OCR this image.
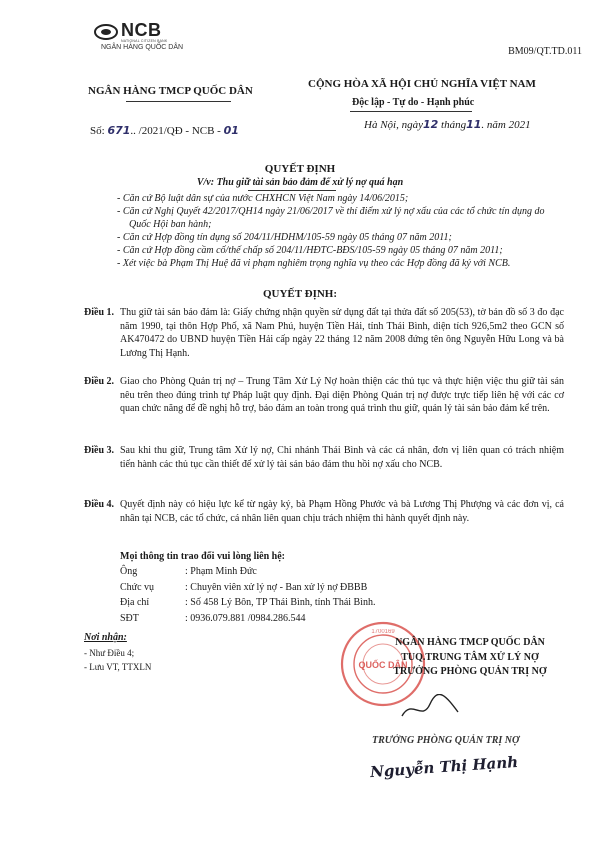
NCB
NATIONAL CITIZEN BANK
NGÂN HÀNG QUỐC DÂN	BM09/QT.TD.011
NGÂN HÀNG TMCP QUỐC DÂN
CỘNG HÒA XÃ HỘI CHỦ NGHĨA VIỆT NAM
Độc lập - Tự do - Hạnh phúc
Số: 671.. /2021/QĐ - NCB - 01	Hà Nội, ngày12 tháng11. năm 2021
QUYẾT ĐỊNH
V/v: Thu giữ tài sản bảo đảm để xử lý nợ quá hạn
- Căn cứ Bộ luật dân sự của nước CHXHCN Việt Nam ngày 14/06/2015;
- Căn cứ Nghị Quyết 42/2017/QH14 ngày 21/06/2017 về thí điểm xử lý nợ xấu của các tổ chức tín dụng do Quốc Hội ban hành;
- Căn cứ Hợp đồng tín dụng số 204/11/HDHM/105-59 ngày 05 tháng 07 năm 2011;
- Căn cứ Hợp đồng cầm cố/thế chấp số 204/11/HĐTC-BĐS/105-59 ngày 05 tháng 07 năm 2011;
- Xét việc bà Phạm Thị Huệ đã vi phạm nghiêm trọng nghĩa vụ theo các Hợp đồng đã ký với NCB.
QUYẾT ĐỊNH:
Điều 1. Thu giữ tài sản bảo đảm là: Giấy chứng nhận quyền sử dụng đất tại thửa đất số 205(53), tờ bản đồ số 3 đo đạc năm 1990, tại thôn Hợp Phố, xã Nam Phú, huyện Tiền Hải, tỉnh Thái Bình, diện tích 926,5m2 theo GCN số AK470472 do UBND huyện Tiền Hải cấp ngày 22 tháng 12 năm 2008 đứng tên ông Nguyễn Hữu Long và bà Lương Thị Hạnh.
Điều 2. Giao cho Phòng Quản trị nợ – Trung Tâm Xử Lý Nợ hoàn thiện các thủ tục và thực hiện việc thu giữ tài sản nêu trên theo đúng trình tự Pháp luật quy định. Đại diện Phòng Quản trị nợ được trực tiếp liên hệ với các cơ quan chức năng để đề nghị hỗ trợ, bảo đảm an toàn trong quá trình thu giữ, quản lý tài sản bảo đảm kể trên.
Điều 3. Sau khi thu giữ, Trung tâm Xử lý nợ, Chi nhánh Thái Bình và các cá nhân, đơn vị liên quan có trách nhiệm tiến hành các thủ tục cần thiết để xử lý tài sản bảo đảm thu hồi nợ xấu cho NCB.
Điều 4. Quyết định này có hiệu lực kể từ ngày ký, bà Phạm Hồng Phước và bà Lương Thị Phượng và các đơn vị, cá nhân tại NCB, các tổ chức, cá nhân liên quan chịu trách nhiệm thi hành quyết định này.
Mọi thông tin trao đổi vui lòng liên hệ:
Ông	: Phạm Minh Đức
Chức vụ	: Chuyên viên xử lý nợ - Ban xử lý nợ ĐBBB
Địa chỉ	: Số 458 Lý Bôn, TP Thái Bình, tỉnh Thái Bình.
SĐT	: 0936.079.881 /0984.286.544
Nơi nhận:
- Như Điều 4;
- Lưu VT, TTXLN	QUỐC DÂN
1700169
NGÂN HÀNG TMCP QUỐC DÂN
TUQ.TRUNG TÂM XỬ LÝ NỢ
TRƯỞNG PHÒNG QUẢN TRỊ NỢ
TRƯỞNG PHÒNG QUẢN TRỊ NỢ
Nguyễn Thị Hạnh
